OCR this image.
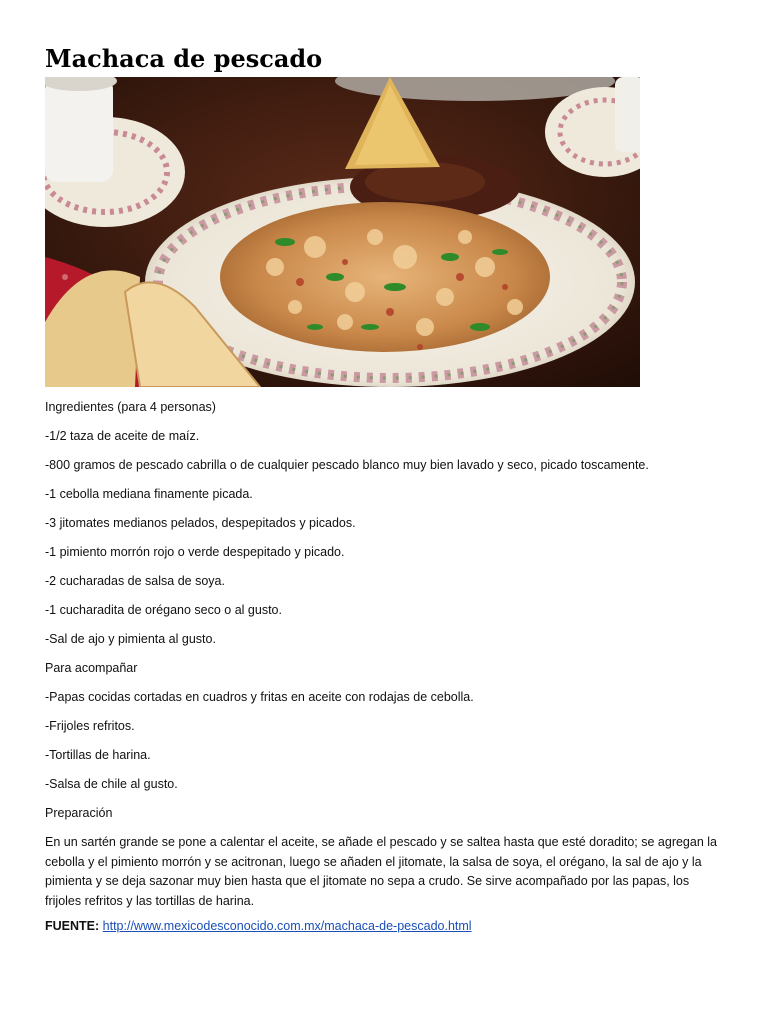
Machaca de pescado

Ingredientes (para 4 personas)

-1/2 taza de aceite de maíz.

-800 gramos de pescado cabrilla o de cualquier pescado blanco muy bien lavado y seco, picado toscamente.

-1 cebolla mediana finamente picada.

-3 jitomates medianos pelados, despepitados y picados.

-1 pimiento morrón rojo o verde despepitado y picado.

-2 cucharadas de salsa de soya.

-1 cucharadita de orégano seco o al gusto.

-Sal de ajo y pimienta al gusto.

Para acompañar

-Papas cocidas cortadas en cuadros y fritas en aceite con rodajas de cebolla.

-Frijoles refritos.

-Tortillas de harina.

-Salsa de chile al gusto.

Preparación

En un sartén grande se pone a calentar el aceite, se añade el pescado y se saltea hasta que esté doradito; se agregan la cebolla y el pimiento morrón y se acitronan, luego se añaden el jitomate, la salsa de soya, el orégano, la sal de ajo y la pimienta y se deja sazonar muy bien hasta que el jitomate no sepa a crudo. Se sirve acompañado por las papas, los frijoles refritos y las tortillas de harina.

FUENTE: http://www.mexicodesconocido.com.mx/machaca-de-pescado.html
